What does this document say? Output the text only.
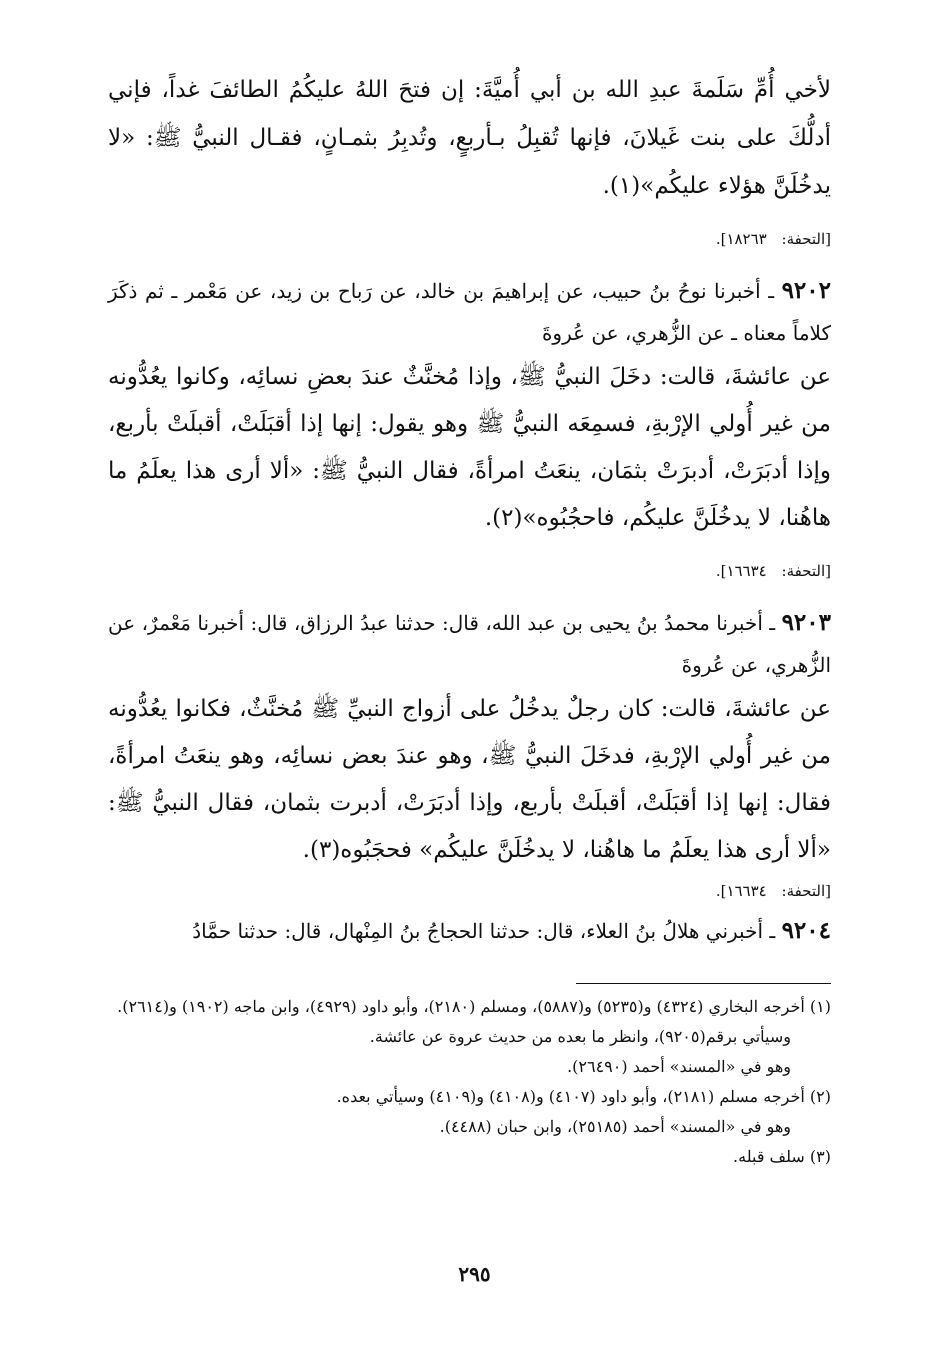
لأخي أُمِّ سَلَمةَ عبدِ الله بن أبي أُميَّةَ: إن فتحَ اللهُ عليكُمُ الطائفَ غداً، فإني أدلُّكَ على بنت غَيلانَ، فإنها تُقبِلُ بـأربعٍ، وتُدبِرُ بثمـانٍ، فقـال النبيُّ ﷺ: «لا يدخُلَنَّ هؤلاء عليكُم»(١).

[التحفة: ١٨٢٦٣].

٩٢٠٢ ـ أخبرنا نوحُ بنُ حبيب، عن إبراهيمَ بن خالد، عن رَباح بن زيد، عن مَعْمر ـ ثم ذكَرَ كلاماً معناه ـ عن الزُّهري، عن عُروةَ

عن عائشةَ، قالت: دخَلَ النبيُّ ﷺ، وإذا مُخنَّثٌ عندَ بعضِ نسائِه، وكانوا يعُدُّونه من غير أُولي الإرْبةِ، فسمِعَه النبيُّ ﷺ وهو يقول: إنها إذا أقبَلَتْ، أقبلَتْ بأربع، وإذا أدبَرَتْ، أدبرَتْ بثمَان، ينعَتُ امرأةً، فقال النبيُّ ﷺ: «ألا أرى هذا يعلَمُ ما هاهُنا، لا يدخُلَنَّ عليكُم، فاحجُبُوه»(٢).

[التحفة: ١٦٦٣٤].

٩٢٠٣ ـ أخبرنا محمدُ بنُ يحيى بن عبد الله، قال: حدثنا عبدُ الرزاق، قال: أخبرنا مَعْمرٌ، عن الزُّهري، عن عُروةَ

عن عائشةَ، قالت: كان رجلٌ يدخُلُ على أزواج النبيِّ ﷺ مُخنَّثٌ، فكانوا يعُدُّونه من غير أُولي الإرْبةِ، فدخَلَ النبيُّ ﷺ، وهو عندَ بعض نسائِه، وهو ينعَتُ امرأةً، فقال: إنها إذا أقبَلَتْ، أقبلَتْ بأربع، وإذا أدبَرَتْ، أدبرت بثمان، فقال النبيُّ ﷺ: «ألا أرى هذا يعلَمُ ما هاهُنا، لا يدخُلَنَّ عليكُم» فحجَبُوه(٣).

[التحفة: ١٦٦٣٤].

٩٢٠٤ ـ أخبرني هلالُ بنُ العلاء، قال: حدثنا الحجاجُ بنُ المِنْهال، قال: حدثنا حمَّادُ

(١) أخرجه البخاري (٤٣٢٤) و(٥٢٣٥) و(٥٨٨٧)، ومسلم (٢١٨٠)، وأبو داود (٤٩٢٩)، وابن ماجه (١٩٠٢) و(٢٦١٤).

وسيأتي برقم(٩٢٠٥)، وانظر ما بعده من حديث عروة عن عائشة.

وهو في «المسند» أحمد (٢٦٤٩٠).

(٢) أخرجه مسلم (٢١٨١)، وأبو داود (٤١٠٧) و(٤١٠٨) و(٤١٠٩) وسيأتي بعده.

وهو في «المسند» أحمد (٢٥١٨٥)، وابن حبان (٤٤٨٨).

(٣) سلف قبله.

٢٩٥
